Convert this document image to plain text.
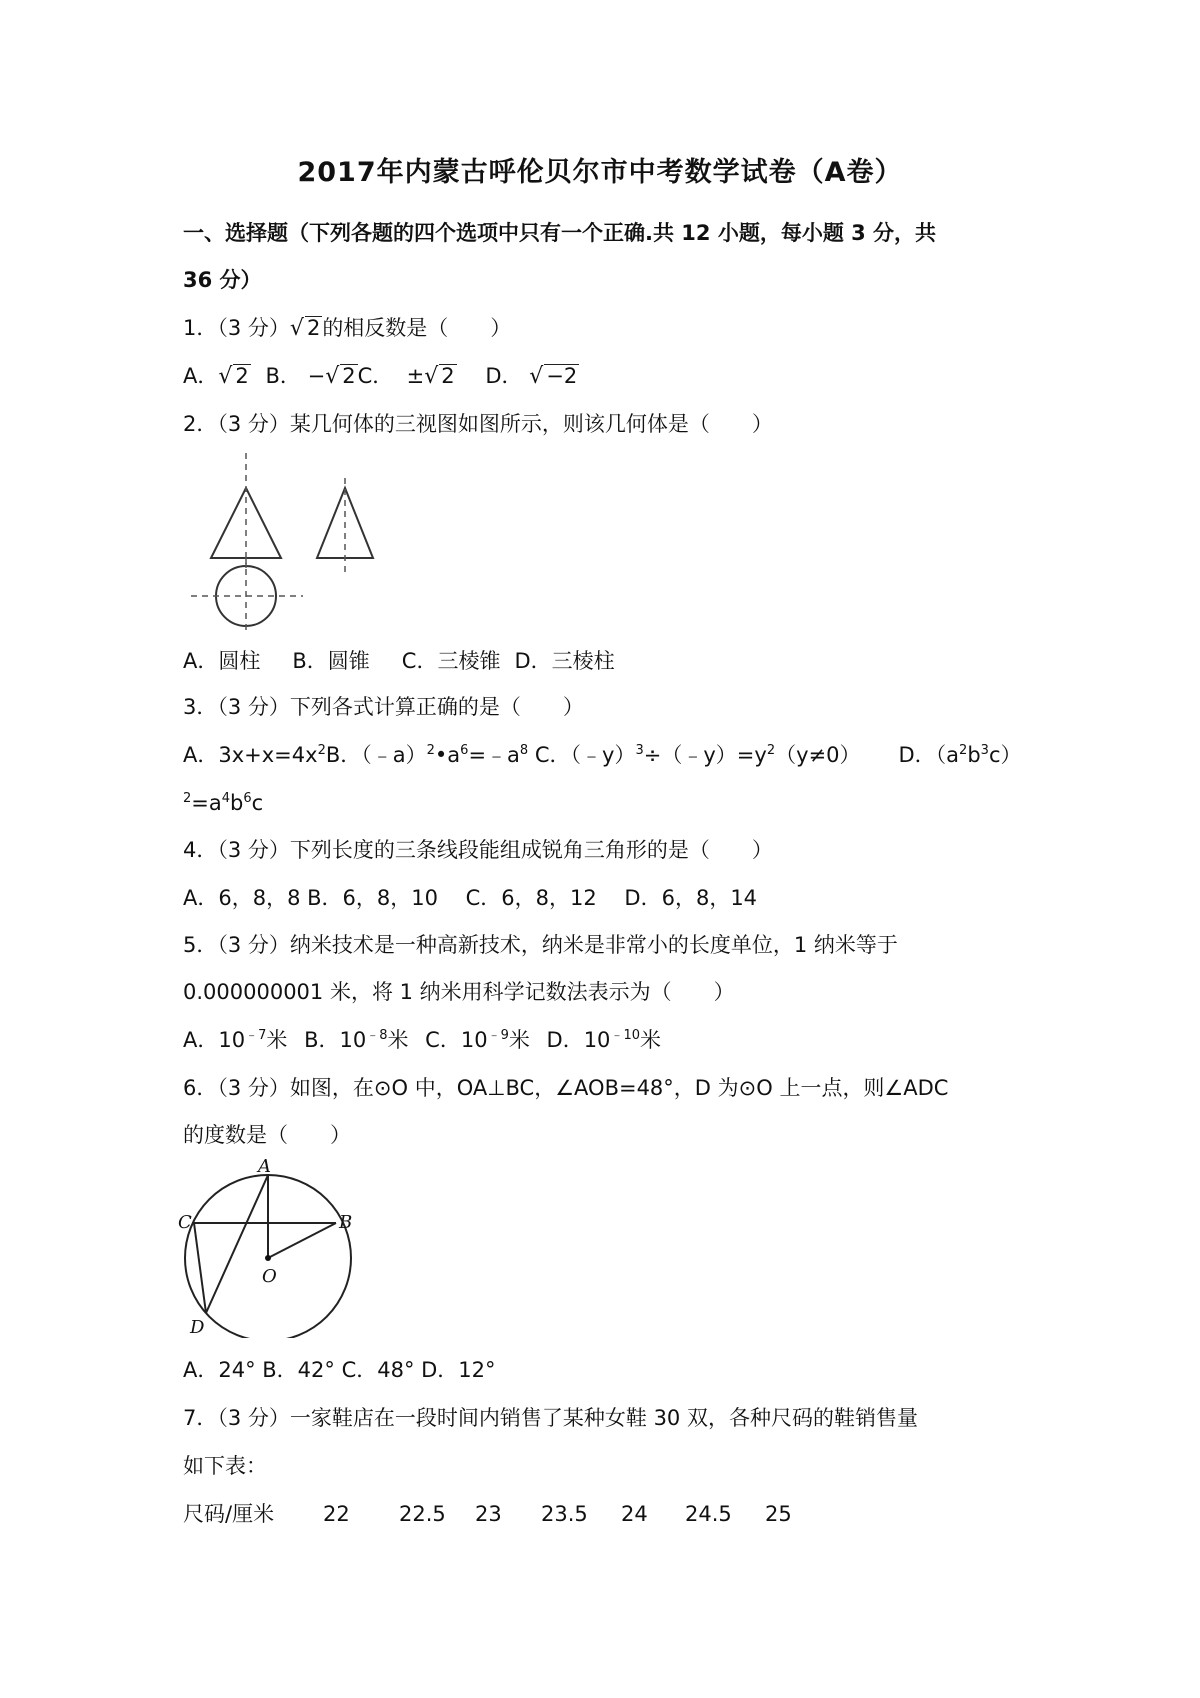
2017年内蒙古呼伦贝尔市中考数学试卷（A卷）
一、选择题（下列各题的四个选项中只有一个正确.共 12 小题，每小题 3 分，共
36 分）
1．（3 分）√ 2的相反数是（　　）
A．√ 2 B． −√ 2C． ±√ 2 D． √ −2
2．（3 分）某几何体的三视图如图所示，则该几何体是（　　）
A．圆柱 B．圆锥 C．三棱锥 D．三棱柱
3．（3 分）下列各式计算正确的是（　　）
A．$3x+x=4x^2B$．$(﹣a)^2•a^6=﹣a^8$ C．$(﹣y)^3\div(﹣y)=y^2(y\ne 0)$ D．$(a^2b^3c)$
$^2=a^4b^6c$
4．（3 分）下列长度的三条线段能组成锐角三角形的是（　　）
A．6，8，8 B．6，8，10　 C．6，8，12　 D．6，8，14
5．（3 分）纳米技术是一种高新技术，纳米是非常小的长度单位，1 纳米等于
0.000000001 米，将 1 纳米用科学记数法表示为（　　）
A．$10^{﹣7}$米 B．$10^{﹣8}$米 C．$10^{﹣9}$米 D．$10^{﹣10}$米
6．（3 分）如图，在⊙O 中，OA⊥BC，∠AOB=48°，D 为⊙O 上一点，则∠ADC
的度数是（　　）
A
B
C
D
O
A．24° B．42° C．48° D．12°
7．（3 分）一家鞋店在一段时间内销售了某种女鞋 30 双，各种尺码的鞋销售量
如下表：
尺码/厘米 22 22.5 23 23.5 24 24.5 25
